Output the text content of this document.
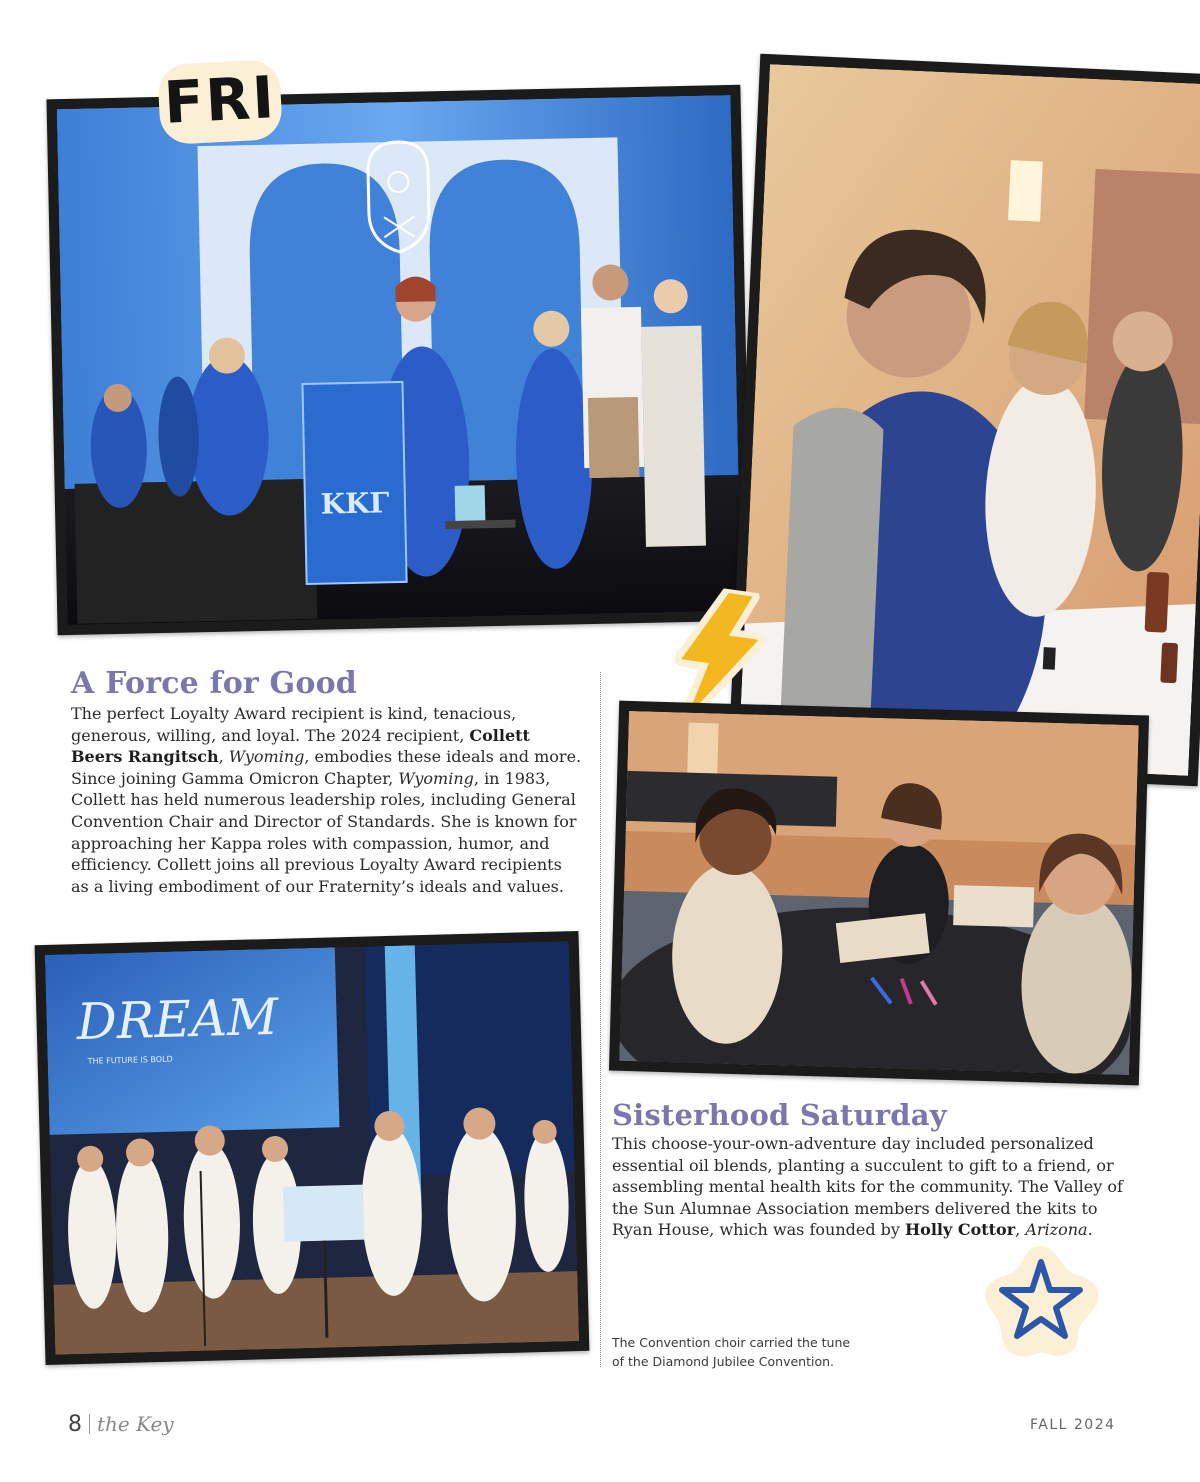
KKΓ
FRI
A Force for Good

The perfect Loyalty Award recipient is kind, tenacious, generous, willing, and loyal. The 2024 recipient, Collett Beers Rangitsch, Wyoming, embodies these ideals and more. Since joining Gamma Omicron Chapter, Wyoming, in 1983, Collett has held numerous leadership roles, including General Convention Chair and Director of Standards. She is known for approaching her Kappa roles with compassion, humor, and efficiency. Collett joins all previous Loyalty Award recipients as a living embodiment of our Fraternity’s ideals and values.

DREAM
THE FUTURE IS BOLD
Sisterhood Saturday

This choose-your-own-adventure day included personalized essential oil blends, planting a succulent to gift to a friend, or assembling mental health kits for the community. The Valley of the Sun Alumnae Association members delivered the kits to Ryan House, which was founded by Holly Cottor, Arizona.

The Convention choir carried the tune
of the Diamond Jubilee Convention.

8 the Key	FALL 2024
